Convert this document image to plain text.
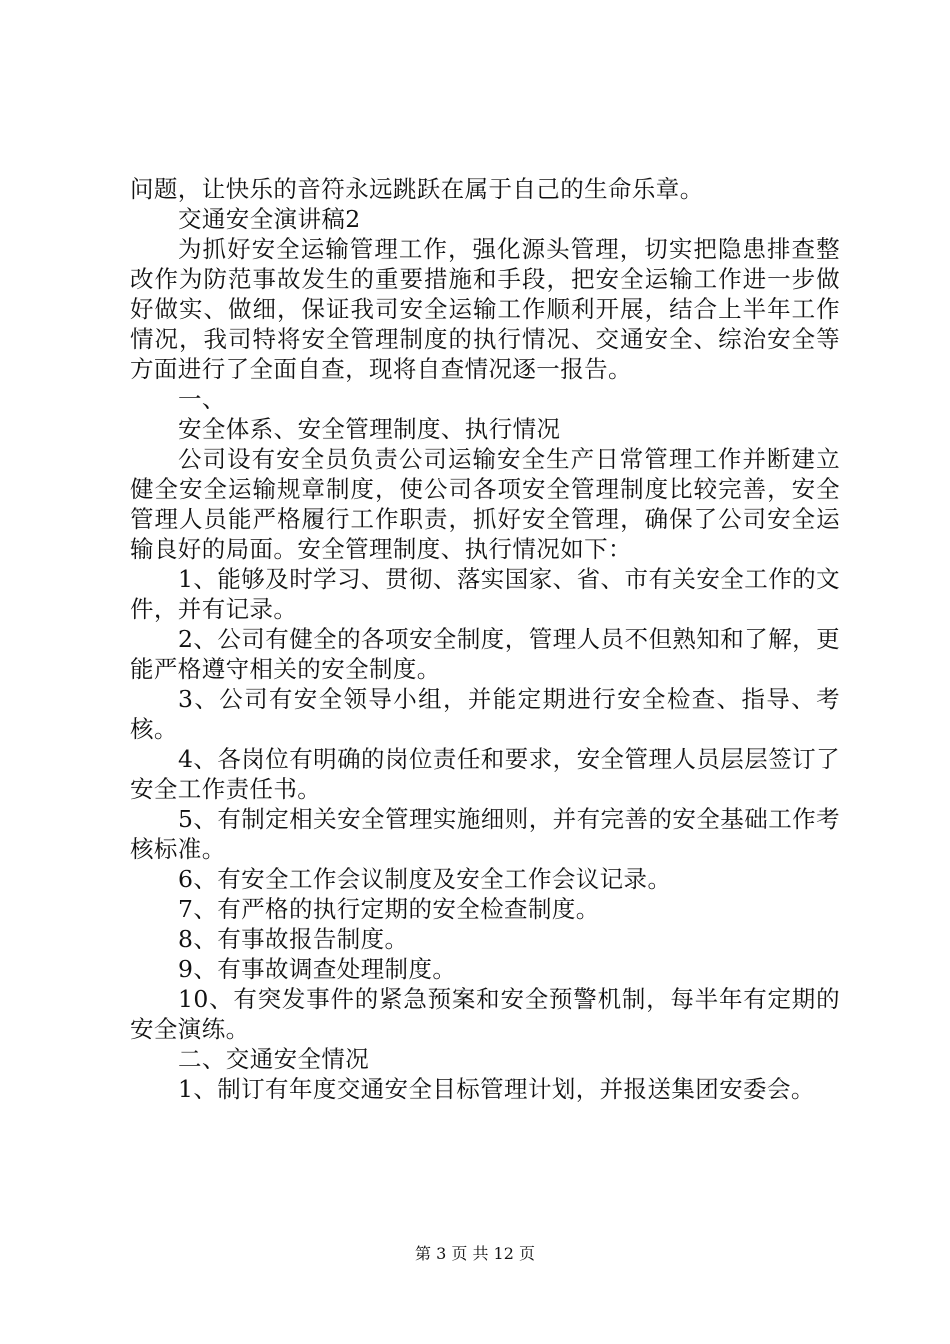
问题，让快乐的音符永远跳跃在属于自己的生命乐章。

交通安全演讲稿2

为抓好安全运输管理工作，强化源头管理，切实把隐患排查整改作为防范事故发生的重要措施和手段，把安全运输工作进一步做好做实、做细，保证我司安全运输工作顺利开展，结合上半年工作情况，我司特将安全管理制度的执行情况、交通安全、综治安全等方面进行了全面自查，现将自查情况逐一报告。

一、

安全体系、安全管理制度、执行情况

公司设有安全员负责公司运输安全生产日常管理工作并断建立健全安全运输规章制度，使公司各项安全管理制度比较完善，安全管理人员能严格履行工作职责，抓好安全管理，确保了公司安全运输良好的局面。安全管理制度、执行情况如下：

1、能够及时学习、贯彻、落实国家、省、市有关安全工作的文件，并有记录。

2、公司有健全的各项安全制度，管理人员不但熟知和了解，更能严格遵守相关的安全制度。

3、公司有安全领导小组，并能定期进行安全检查、指导、考核。

4、各岗位有明确的岗位责任和要求，安全管理人员层层签订了安全工作责任书。

5、有制定相关安全管理实施细则，并有完善的安全基础工作考核标准。

6、有安全工作会议制度及安全工作会议记录。

7、有严格的执行定期的安全检查制度。

8、有事故报告制度。

9、有事故调查处理制度。

10、有突发事件的紧急预案和安全预警机制，每半年有定期的安全演练。

二、交通安全情况

1、制订有年度交通安全目标管理计划，并报送集团安委会。

第 3 页 共 12 页
